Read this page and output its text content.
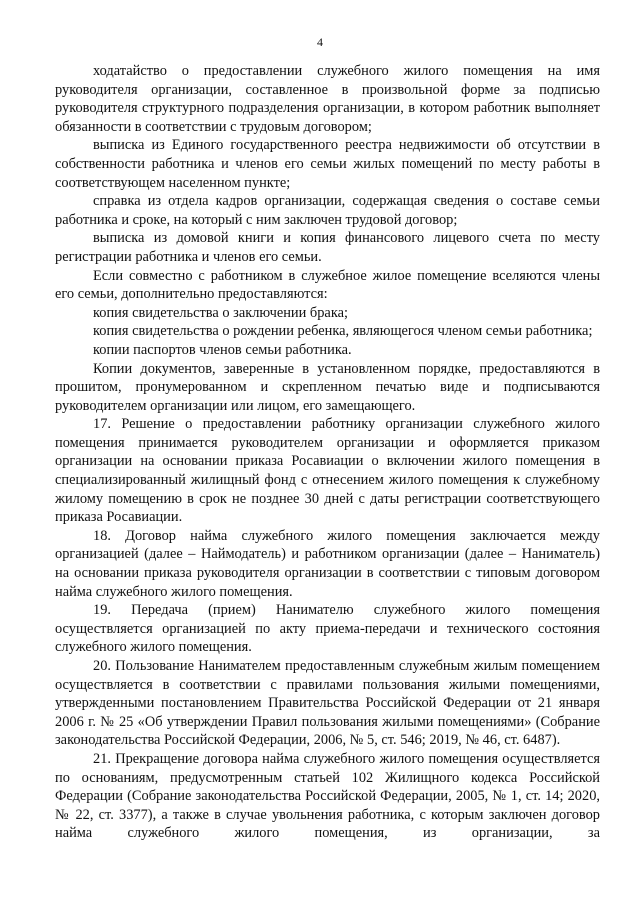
4

ходатайство о предоставлении служебного жилого помещения на имя руководителя организации, составленное в произвольной форме за подписью руководителя структурного подразделения организации, в котором работник выполняет обязанности в соответствии с трудовым договором;

выписка из Единого государственного реестра недвижимости об отсутствии в собственности работника и членов его семьи жилых помещений по месту работы в соответствующем населенном пункте;

справка из отдела кадров организации, содержащая сведения о составе семьи работника и сроке, на который с ним заключен трудовой договор;

выписка из домовой книги и копия финансового лицевого счета по месту регистрации работника и членов его семьи.

Если совместно с работником в служебное жилое помещение вселяются члены его семьи, дополнительно предоставляются:

копия свидетельства о заключении брака;

копия свидетельства о рождении ребенка, являющегося членом семьи работника;

копии паспортов членов семьи работника.

Копии документов, заверенные в установленном порядке, предоставляются в прошитом, пронумерованном и скрепленном печатью виде и подписываются руководителем организации или лицом, его замещающего.

17. Решение о предоставлении работнику организации служебного жилого помещения принимается руководителем организации и оформляется приказом организации на основании приказа Росавиации о включении жилого помещения в специализированный жилищный фонд с отнесением жилого помещения к служебному жилому помещению в срок не позднее 30 дней с даты регистрации соответствующего приказа Росавиации.

18. Договор найма служебного жилого помещения заключается между организацией (далее – Наймодатель) и работником организации (далее – Наниматель) на основании приказа руководителя организации в соответствии с типовым договором найма служебного жилого помещения.

19. Передача (прием) Нанимателю служебного жилого помещения осуществляется организацией по акту приема-передачи и технического состояния служебного жилого помещения.

20. Пользование Нанимателем предоставленным служебным жилым помещением осуществляется в соответствии с правилами пользования жилыми помещениями, утвержденными постановлением Правительства Российской Федерации от 21 января 2006 г. № 25 «Об утверждении Правил пользования жилыми помещениями» (Собрание законодательства Российской Федерации, 2006, № 5, ст. 546; 2019, № 46, ст. 6487).

21. Прекращение договора найма служебного жилого помещения осуществляется по основаниям, предусмотренным статьей 102 Жилищного кодекса Российской Федерации (Собрание законодательства Российской Федерации, 2005, № 1, ст. 14; 2020, № 22, ст. 3377), а также в случае увольнения работника, с которым заключен договор найма служебного жилого помещения, из организации, за
